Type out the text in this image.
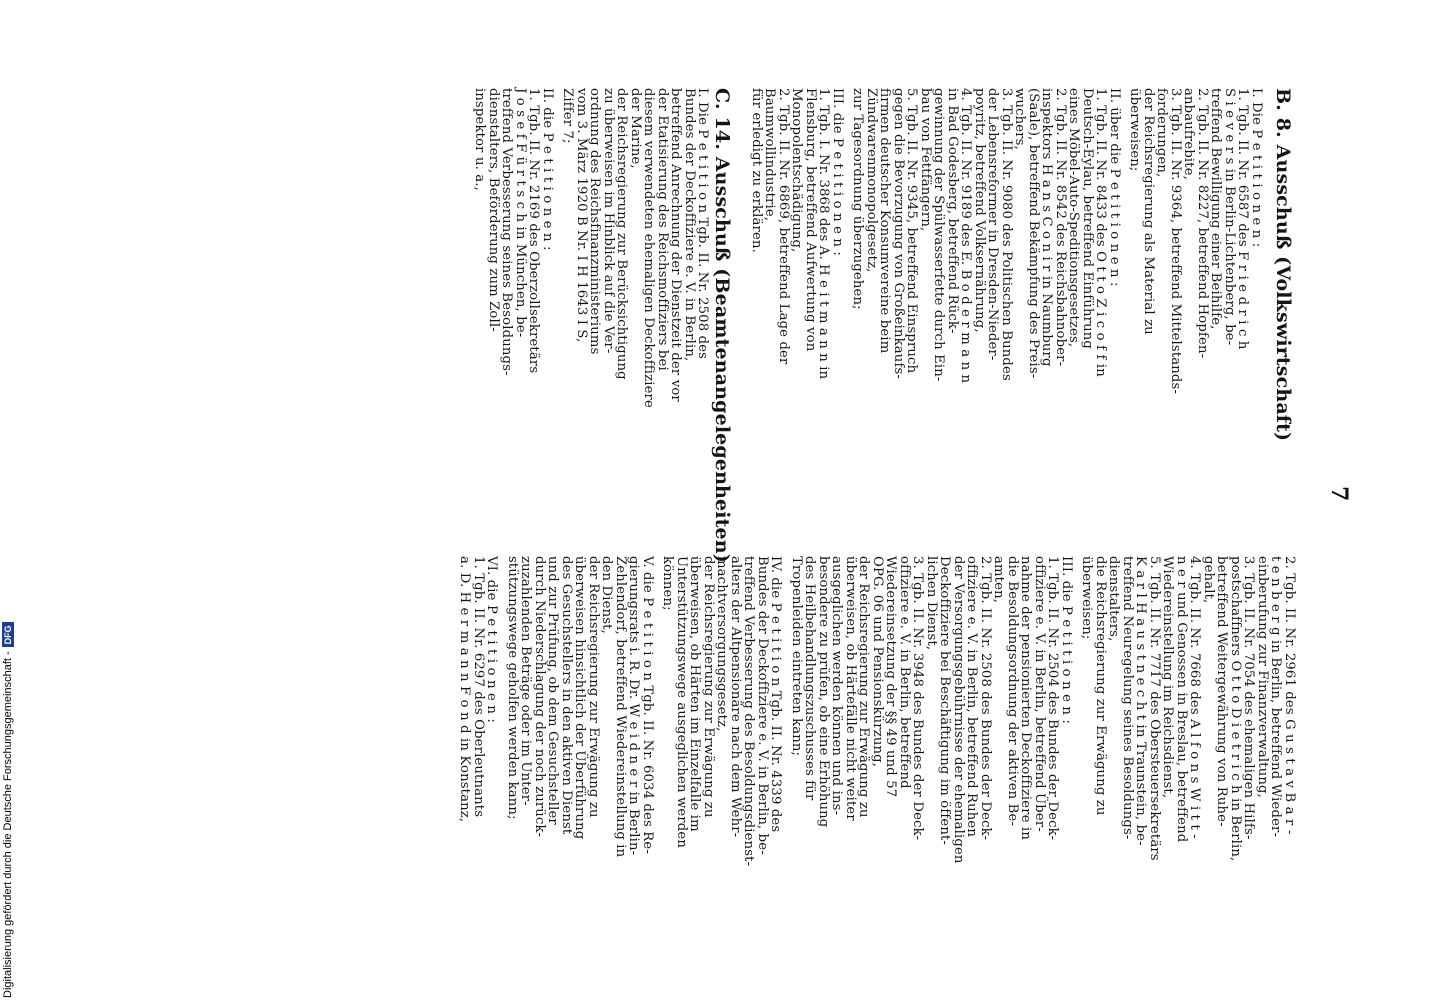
7
B. 8. Ausschuß (Volkswirtschaft)
I. Die P e t i t i o n e n :
1. Tgb. II. Nr. 6587 des F r i e d r i c h
S i e v e r s in Berlin-Lichtenberg, be-
treffend Bewilligung einer Beihilfe,
2. Tgb. II. Nr. 8227, betreffend Hopfen-
anbaufrebite,
3. Tgb. II. Nr. 9364, betreffend Mittelstands-
forderungen,
der Reichsregierung als Material zu
überweisen;
II. über die P e t i t i o n e n :
1. Tgb. II. Nr. 8433 des O t t o Z i c o f f in
Deutsch-Eylau, betreffend Einführung
eines Möbel-Auto-Speditionsgesetzes,
2. Tgb. II. Nr. 8542 des Reichsbahnober-
inspektors H a n s C o n i r in Naumburg
(Saale), betreffend Bekämpfung des Preis-
wuchers,
3. Tgb. II. Nr. 9080 des Politischen Bundes
der Lebensreformer in Dresden-Nieder-
poyritz, betreffend Volksernährung,
4. Tgb. II. Nr. 9189 des E. B o d e r m a n n
in Bad Godesberg, betreffend Rück-
gewinnung der Spülwasserfette durch Ein-
bau von Fettfängern,
5. Tgb. II. Nr. 9345, betreffend Einspruch
gegen die Bevorzugung von Großeinkaufs-
firmen deutscher Konsumvereine beim
Zündwarenmonopolgesetz,
zur Tagesordnung überzugehen;
III. die P e t i t i o n e n :
1. Tgb. I. Nr. 3868 des A. H e i t m a n n in
Flensburg, betreffend Aufwertung von
Monopolentschädigung,
2. Tgb. II. Nr. 6869, betreffend Lage der
Baumwollindustrie,
für erledigt zu erklären.
C. 14. Ausschuß (Beamtenangelegenheiten)
I. Die P e t i t i o n Tgb. II. Nr. 2508 des
Bundes der Deckoffiziere e. V. in Berlin,
betreffend Anrechnung der Dienstzeit der vor
der Etatisierung des Reichsmoffiziers bei
diesem verwendeten ehemaligen Deckoffiziere
der Marine,
der Reichsregierung zur Berücksichtigung
zu überweisen im Hinblick auf die Ver-
ordnung des Reichsfinanzministeriums
vom 3. März 1920 B Nr. I H 1643 I S,
Ziffer 7;
II. die P e t i t i o n e n :
1. Tgb. II. Nr. 2169 des Oberzollsekretärs
J o s e f F ü r t s c h in München, be-
treffend Verbesserung seines Besoldungs-
dienstalters, Beförderung zum Zoll-
inspektor u. a.,
2. Tgb. II. Nr. 2961 des G u s t a v B a r -
t e n b e r g in Berlin, betreffend Wieder-
einberufung zur Finanzverwaltung,
3. Tgb. II. Nr. 7054 des ehemaligen Hilfs-
postschaffners O t t o D i e t r i c h in Berlin,
betreffend Weitergewährung von Ruhe-
gehalt,
4. Tgb. II. Nr. 7668 des A l f o n s W i t t -
n e r und Genossen in Breslau, betreffend
Wiedereinstellung im Reichsdienst,
5. Tgb. II. Nr. 7717 des Obersteuersekretärs
K a r l H a u s t n e c h t in Traunstein, be-
treffend Neuregelung seines Besoldungs-
dienstalters,
die Reichsregierung zur Erwägung zu
überweisen;
III. die P e t i t i o n e n :
1. Tgb. II. Nr. 2504 des Bundes der Deck-
offiziere e. V. in Berlin, betreffend Über-
nahme der pensionierten Deckoffiziere in
die Besoldungsordnung der aktiven Be-
amten,
2. Tgb. II. Nr. 2508 des Bundes der Deck-
offiziere e. V. in Berlin, betreffend Ruhen
der Versorgungsgebührnisse der ehemaligen
Deckoffiziere bei Beschäftigung im öffent-
lichen Dienst,
3. Tgb. II. Nr. 3948 des Bundes der Deck-
offiziere e. V. in Berlin, betreffend
Wiedereinsetzung der §§ 49 und 57
OPG. 06 und Pensionskürzung,
der Reichsregierung zur Erwägung zu
überweisen, ob Härtefälle nicht weiter
ausgeglichen werden können und ins-
besondere zu prüfen, ob eine Erhöhung
des Heilbehandlungszuschusses für
Tropenleiden eintreten kann;
IV. die P e t i t i o n Tgb. II. Nr. 4339 des
Bundes der Deckoffiziere e. V. in Berlin, be-
treffend Verbesserung des Besoldungsdienst-
alters der Altpensionäre nach dem Wehr-
machtversorgungsgesetz,
der Reichsregierung zur Erwägung zu
überweisen, ob Härten im Einzelfalle im
Unterstützungswege ausgeglichen werden
können;
V. die P e t i t i o n Tgb. II. Nr. 6034 des Re-
gierungsrats i. R. Dr. W e i d n e r in Berlin-
Zehlendorf, betreffend Wiedereinstellung in
den Dienst,
der Reichsregierung zur Erwägung zu
überweisen hinsichtlich der Überführung
des Gesuchstellers in den aktiven Dienst
und zur Prüfung, ob dem Gesuchsteller
durch Niederschlagung der noch zurück-
zuzahlenden Beträge oder im Unter-
stützungswege geholfen werden kann;
VI. die P e t i t i o n e n :
1. Tgb. II. Nr. 6297 des Oberleutnants
a. D. H e r m a n n F o n d in Konstanz,
Digitalisierung gefördert durch die Deutsche Forschungsgemeinschaft -
DFG
